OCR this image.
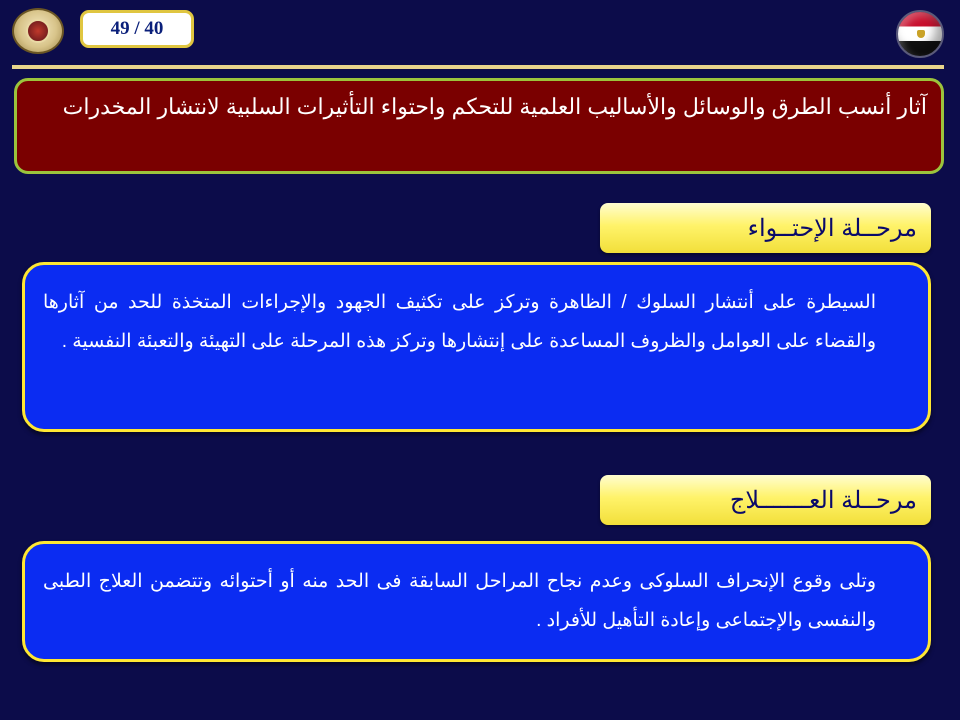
49 / 40
آثار أنسب الطرق والوسائل والأساليب العلمية للتحكم واحتواء التأثيرات السلبية لانتشار المخدرات
مرحــلة الإحتــواء
السيطرة على أنتشار السلوك / الظاهرة وتركز على تكثيف الجهود والإجراءات المتخذة للحد من آثارها والقضاء على العوامل والظروف المساعدة على إنتشارها وتركز هذه المرحلة على التهيئة والتعبئة النفسية .
مرحــلة العـــــــلاج
وتلى وقوع الإنحراف السلوكى وعدم نجاح المراحل السابقة فى الحد منه أو أحتوائه وتتضمن العلاج الطبى والنفسى والإجتماعى وإعادة التأهيل للأفراد .
